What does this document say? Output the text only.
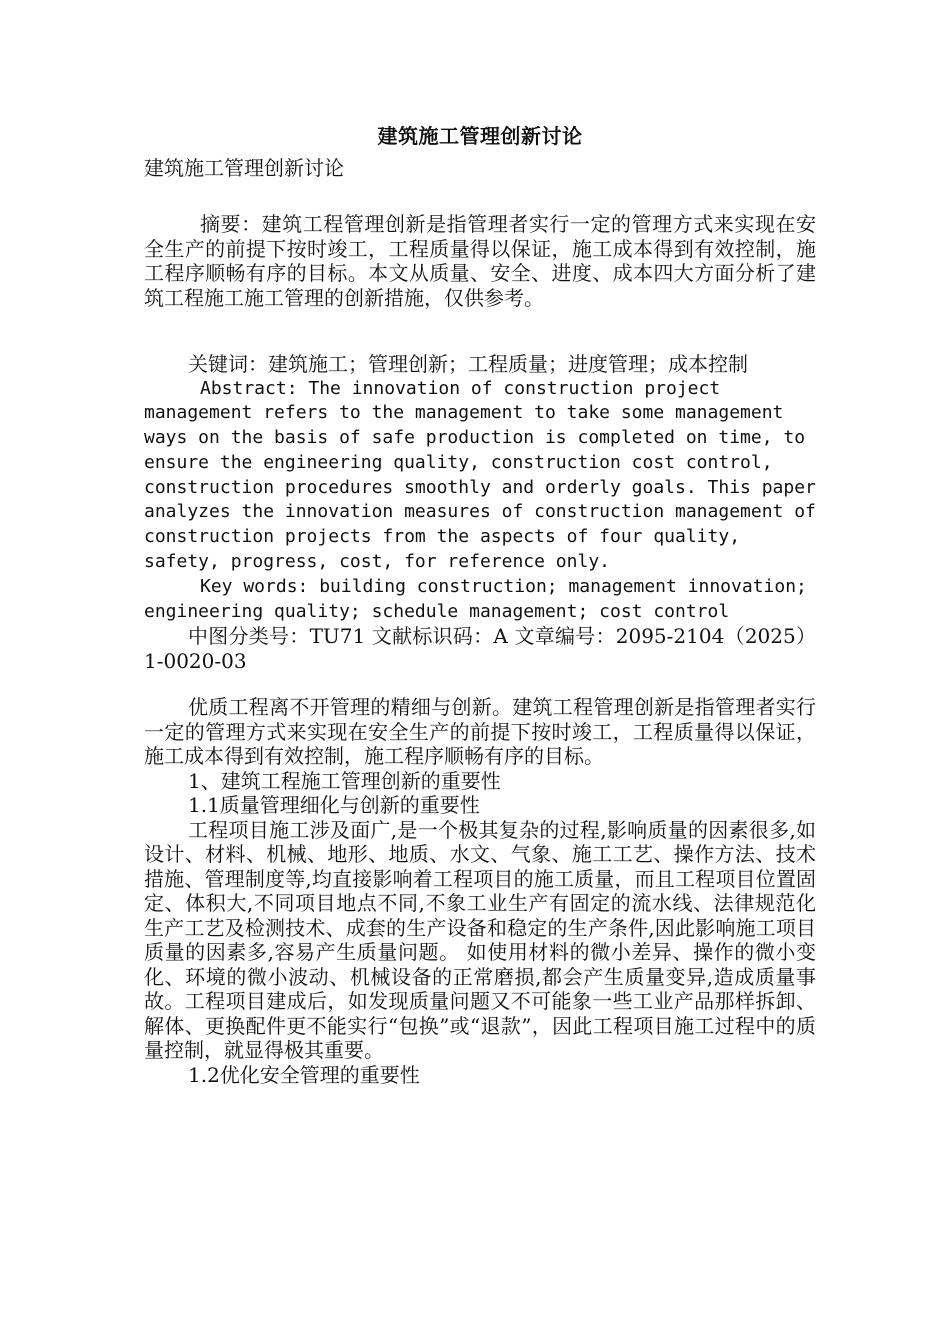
建筑施工管理创新讨论

建筑施工管理创新讨论

摘要：建筑工程管理创新是指管理者实行一定的管理方式来实现在安全生产的前提下按时竣工，工程质量得以保证，施工成本得到有效控制，施工程序顺畅有序的目标。本文从质量、安全、进度、成本四大方面分析了建筑工程施工施工管理的创新措施，仅供参考。

关键词：建筑施工；管理创新；工程质量；进度管理；成本控制

Abstract: The innovation of construction project management refers to the management to take some management ways on the basis of safe production is completed on time, to ensure the engineering quality, construction cost control, construction procedures smoothly and orderly goals. This paper analyzes the innovation measures of construction management of construction projects from the aspects of four quality, safety, progress, cost, for reference only.

Key words: building construction; management innovation; engineering quality; schedule management; cost control

中图分类号：TU71 文献标识码：A 文章编号：2095-2104（2025）1-0020-03

优质工程离不开管理的精细与创新。建筑工程管理创新是指管理者实行一定的管理方式来实现在安全生产的前提下按时竣工，工程质量得以保证，施工成本得到有效控制，施工程序顺畅有序的目标。

1、建筑工程施工管理创新的重要性

1.1质量管理细化与创新的重要性

工程项目施工涉及面广,是一个极其复杂的过程,影响质量的因素很多,如设计、材料、机械、地形、地质、水文、气象、施工工艺、操作方法、技术措施、管理制度等,均直接影响着工程项目的施工质量，而且工程项目位置固定、体积大,不同项目地点不同,不象工业生产有固定的流水线、法律规范化生产工艺及检测技术、成套的生产设备和稳定的生产条件,因此影响施工项目质量的因素多,容易产生质量问题。 如使用材料的微小差异、操作的微小变化、环境的微小波动、机械设备的正常磨损,都会产生质量变异,造成质量事故。工程项目建成后，如发现质量问题又不可能象一些工业产品那样拆卸、解体、更换配件更不能实行“包换”或“退款”，因此工程项目施工过程中的质量控制，就显得极其重要。

1.2优化安全管理的重要性
